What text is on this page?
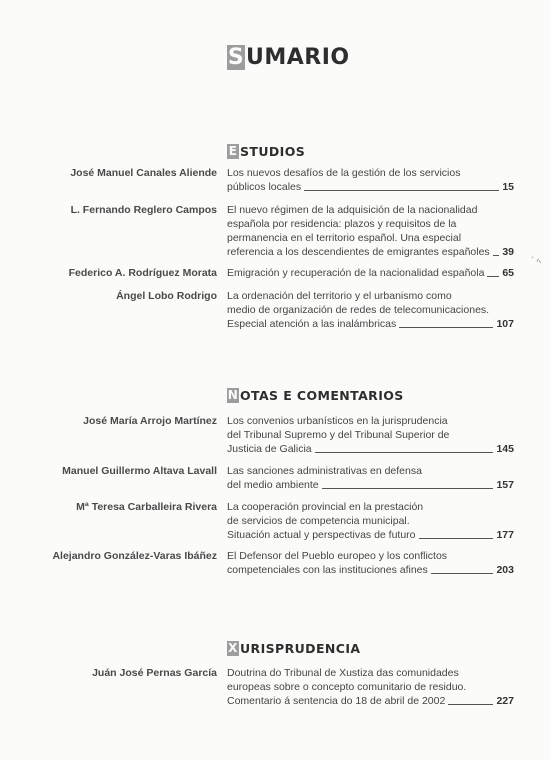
S UMARIO
E STUDIOS
José Manuel Canales Aliende Los nuevos desafíos de la gestión de los servicios
públicos locales	15
L. Fernando Reglero Campos El nuevo régimen de la adquisición de la nacionalidad
española por residencia: plazos y requisitos de la
permanencia en el territorio español. Una especial
referencia a los descendientes de emigrantes españoles 39
Federico A. Rodríguez Morata Emigración y recuperación de la nacionalidad española 65
Ángel Lobo Rodrigo La ordenación del territorio y el urbanismo como
medio de organización de redes de telecomunicaciones.
Especial atención a las inalámbricas	107
N OTAS E COMENTARIOS
José María Arrojo Martínez Los convenios urbanísticos en la jurisprudencia
del Tribunal Supremo y del Tribunal Superior de
Justicia de Galicia	145
Manuel Guillermo Altava Lavall Las sanciones administrativas en defensa
del medio ambiente	157
Mª Teresa Carballeira Rivera La cooperación provincial en la prestación
de servicios de competencia municipal.
Situación actual y perspectivas de futuro	177
Alejandro González-Varas Ibáñez El Defensor del Pueblo europeo y los conflictos
competenciales con las instituciones afines	203
X URISPRUDENCIA
Juán José Pernas García Doutrina do Tribunal de Xustiza das comunidades
europeas sobre o concepto comunitario de residuo.
Comentario á sentencia do 18 de abril de 2002	227
ﾞ ﾍ
